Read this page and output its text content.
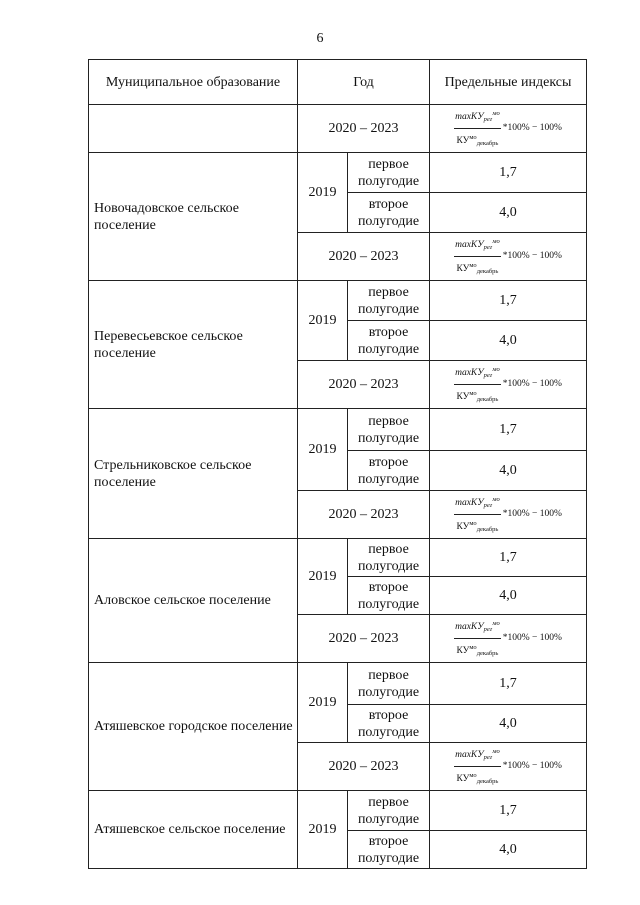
6
Муниципальное образование	Год		Предельные индексы
	2020 – 2023		$\frac{\max KУ_{рег}^{мо}}{КУ^{мо}_{декабрь}} *100\% - 100\%$

Новочадовское сельское поселение	2019	первое полугодие	1,7
		второе полугодие	4,0
	2020 – 2023		$\frac{\max KУ_{рег}^{мо}}{КУ^{мо}_{декабрь}} *100\% - 100\%$

Перевесьевское сельское поселение	2019	первое полугодие	1,7
		второе полугодие	4,0
	2020 – 2023		$\frac{\max KУ_{рег}^{мо}}{КУ^{мо}_{декабрь}} *100\% - 100\%$

Стрельниковское сельское поселение	2019	первое полугодие	1,7
		второе полугодие	4,0
	2020 – 2023		$\frac{\max KУ_{рег}^{мо}}{КУ^{мо}_{декабрь}} *100\% - 100\%$

Аловское сельское поселение	2019	первое полугодие	1,7
		второе полугодие	4,0
	2020 – 2023		$\frac{\max KУ_{рег}^{мо}}{КУ^{мо}_{декабрь}} *100\% - 100\%$

Атяшевское городское поселение	2019	первое полугодие	1,7
		второе полугодие	4,0
	2020 – 2023		$\frac{\max KУ_{рег}^{мо}}{КУ^{мо}_{декабрь}} *100\% - 100\%$

Атяшевское сельское поселение	2019	первое полугодие	1,7
		второе полугодие	4,0
